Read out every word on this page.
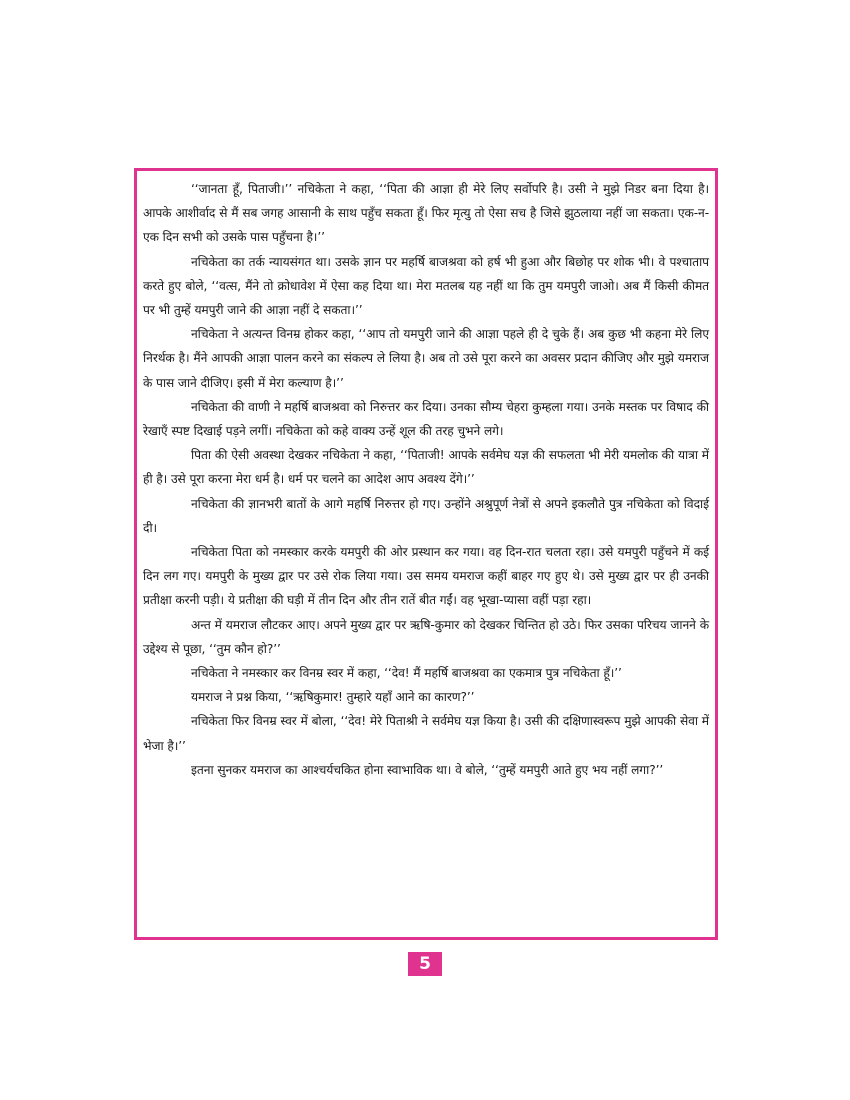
‘‘जानता हूँ, पिताजी।’’ नचिकेता ने कहा, ‘‘पिता की आज्ञा ही मेरे लिए सर्वोपरि है। उसी ने मुझे निडर बना दिया है। आपके आशीर्वाद से मैं सब जगह आसानी के साथ पहुँच सकता हूँ। फिर मृत्यु तो ऐसा सच है जिसे झुठलाया नहीं जा सकता। एक-न-एक दिन सभी को उसके पास पहुँचना है।’’

नचिकेता का तर्क न्यायसंगत था। उसके ज्ञान पर महर्षि बाजश्रवा को हर्ष भी हुआ और बिछोह पर शोक भी। वे पश्चाताप करते हुए बोले, ‘‘वत्स, मैंने तो क्रोधावेश में ऐसा कह दिया था। मेरा मतलब यह नहीं था कि तुम यमपुरी जाओ। अब मैं किसी कीमत पर भी तुम्हें यमपुरी जाने की आज्ञा नहीं दे सकता।’’

नचिकेता ने अत्यन्त विनम्र होकर कहा, ‘‘आप तो यमपुरी जाने की आज्ञा पहले ही दे चुके हैं। अब कुछ भी कहना मेरे लिए निरर्थक है। मैंने आपकी आज्ञा पालन करने का संकल्प ले लिया है। अब तो उसे पूरा करने का अवसर प्रदान कीजिए और मुझे यमराज के पास जाने दीजिए। इसी में मेरा कल्याण है।’’

नचिकेता की वाणी ने महर्षि बाजश्रवा को निरुत्तर कर दिया। उनका सौम्य चेहरा कुम्हला गया। उनके मस्तक पर विषाद की रेखाएँ स्पष्ट दिखाई पड़ने लगीं। नचिकेता को कहे वाक्य उन्हें शूल की तरह चुभने लगे।

पिता की ऐसी अवस्था देखकर नचिकेता ने कहा, ‘‘पिताजी! आपके सर्वमेघ यज्ञ की सफलता भी मेरी यमलोक की यात्रा में ही है। उसे पूरा करना मेरा धर्म है। धर्म पर चलने का आदेश आप अवश्य देंगे।’’

नचिकेता की ज्ञानभरी बातों के आगे महर्षि निरुत्तर हो गए। उन्होंने अश्रुपूर्ण नेत्रों से अपने इकलौते पुत्र नचिकेता को विदाई दी।

नचिकेता पिता को नमस्कार करके यमपुरी की ओर प्रस्थान कर गया। वह दिन-रात चलता रहा। उसे यमपुरी पहुँचने में कई दिन लग गए। यमपुरी के मुख्य द्वार पर उसे रोक लिया गया। उस समय यमराज कहीं बाहर गए हुए थे। उसे मुख्य द्वार पर ही उनकी प्रतीक्षा करनी पड़ी। ये प्रतीक्षा की घड़ी में तीन दिन और तीन रातें बीत गईं। वह भूखा-प्यासा वहीं पड़ा रहा।

अन्त में यमराज लौटकर आए। अपने मुख्य द्वार पर ऋषि-कुमार को देखकर चिन्तित हो उठे। फिर उसका परिचय जानने के उद्देश्य से पूछा, ‘‘तुम कौन हो?’’

नचिकेता ने नमस्कार कर विनम्र स्वर में कहा, ‘‘देव! मैं महर्षि बाजश्रवा का एकमात्र पुत्र नचिकेता हूँ।’’

यमराज ने प्रश्न किया, ‘‘ऋषिकुमार! तुम्हारे यहाँ आने का कारण?’’

नचिकेता फिर विनम्र स्वर में बोला, ‘‘देव! मेरे पिताश्री ने सर्वमेघ यज्ञ किया है। उसी की दक्षिणास्वरूप मुझे आपकी सेवा में भेजा है।’’

इतना सुनकर यमराज का आश्चर्यचकित होना स्वाभाविक था। वे बोले, ‘‘तुम्हें यमपुरी आते हुए भय नहीं लगा?’’

5
